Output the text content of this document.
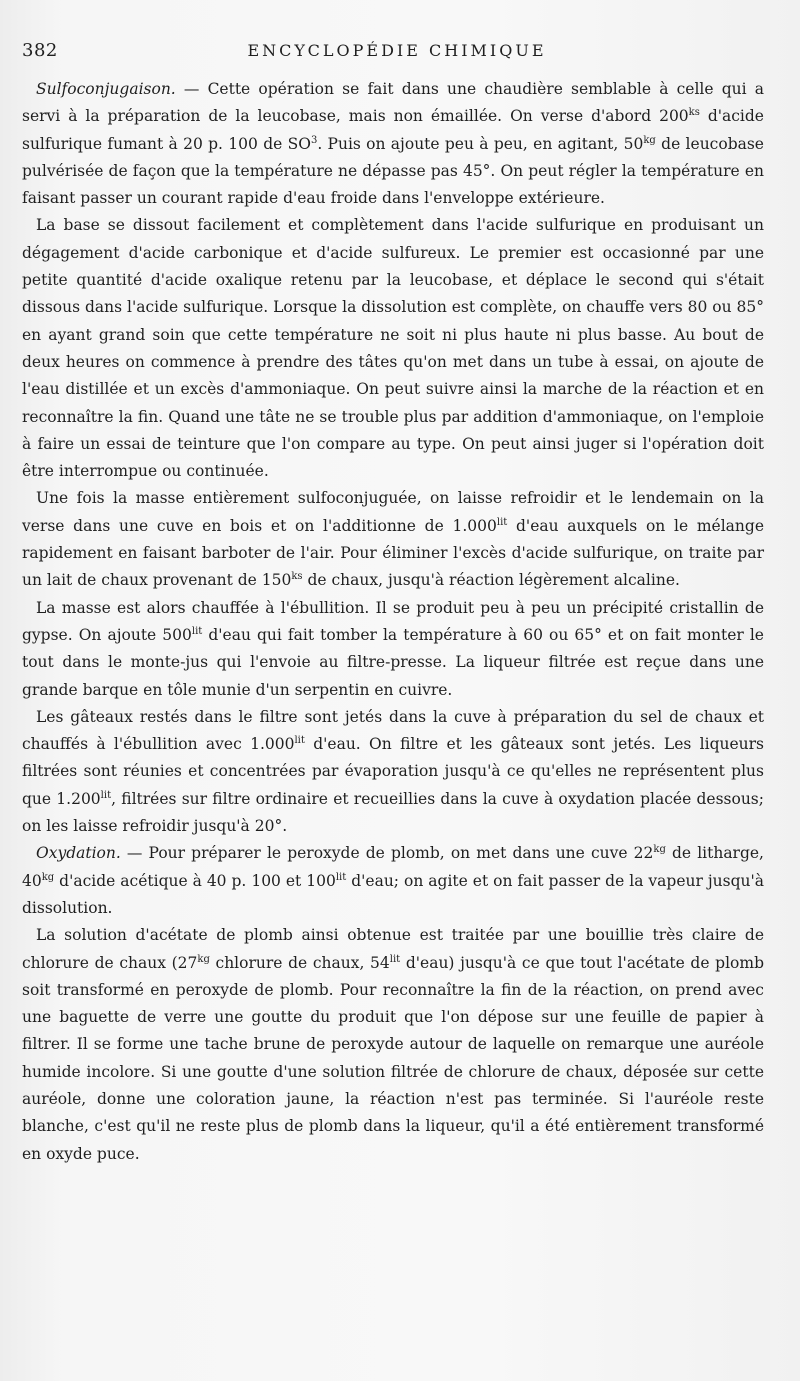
382	ENCYCLOPÉDIE CHIMIQUE

Sulfoconjugaison. — Cette opération se fait dans une chaudière semblable à celle qui a servi à la préparation de la leucobase, mais non émaillée. On verse d'abord $200^{ks}$ d'acide sulfurique fumant à 20 p. 100 de $SO^3$. Puis on ajoute peu à peu, en agitant, $50^{kg}$ de leucobase pulvérisée de façon que la température ne dépasse pas 45°. On peut régler la température en faisant passer un courant rapide d'eau froide dans l'enveloppe extérieure.

La base se dissout facilement et complètement dans l'acide sulfurique en produisant un dégagement d'acide carbonique et d'acide sulfureux. Le premier est occasionné par une petite quantité d'acide oxalique retenu par la leucobase, et déplace le second qui s'était dissous dans l'acide sulfurique. Lorsque la dissolution est complète, on chauffe vers 80 ou 85° en ayant grand soin que cette température ne soit ni plus haute ni plus basse. Au bout de deux heures on commence à prendre des tâtes qu'on met dans un tube à essai, on ajoute de l'eau distillée et un excès d'ammoniaque. On peut suivre ainsi la marche de la réaction et en reconnaître la fin. Quand une tâte ne se trouble plus par addition d'ammoniaque, on l'emploie à faire un essai de teinture que l'on compare au type. On peut ainsi juger si l'opération doit être interrompue ou continuée.

Une fois la masse entièrement sulfoconjuguée, on laisse refroidir et le lendemain on la verse dans une cuve en bois et on l'additionne de $1.000^{lit}$ d'eau auxquels on le mélange rapidement en faisant barboter de l'air. Pour éliminer l'excès d'acide sulfurique, on traite par un lait de chaux provenant de $150^{ks}$ de chaux, jusqu'à réaction légèrement alcaline.

La masse est alors chauffée à l'ébullition. Il se produit peu à peu un précipité cristallin de gypse. On ajoute $500^{lit}$ d'eau qui fait tomber la température à 60 ou 65° et on fait monter le tout dans le monte-jus qui l'envoie au filtre-presse. La liqueur filtrée est reçue dans une grande barque en tôle munie d'un serpentin en cuivre.

Les gâteaux restés dans le filtre sont jetés dans la cuve à préparation du sel de chaux et chauffés à l'ébullition avec $1.000^{lit}$ d'eau. On filtre et les gâteaux sont jetés. Les liqueurs filtrées sont réunies et concentrées par évaporation jusqu'à ce qu'elles ne représentent plus que $1.200^{lit}$, filtrées sur filtre ordinaire et recueillies dans la cuve à oxydation placée dessous; on les laisse refroidir jusqu'à 20°.

Oxydation. — Pour préparer le peroxyde de plomb, on met dans une cuve $22^{kg}$ de litharge, $40^{kg}$ d'acide acétique à 40 p. 100 et $100^{lit}$ d'eau; on agite et on fait passer de la vapeur jusqu'à dissolution.

La solution d'acétate de plomb ainsi obtenue est traitée par une bouillie très claire de chlorure de chaux ($27^{kg}$ chlorure de chaux, $54^{lit}$ d'eau) jusqu'à ce que tout l'acétate de plomb soit transformé en peroxyde de plomb. Pour reconnaître la fin de la réaction, on prend avec une baguette de verre une goutte du produit que l'on dépose sur une feuille de papier à filtrer. Il se forme une tache brune de peroxyde autour de laquelle on remarque une auréole humide incolore. Si une goutte d'une solution filtrée de chlorure de chaux, déposée sur cette auréole, donne une coloration jaune, la réaction n'est pas terminée. Si l'auréole reste blanche, c'est qu'il ne reste plus de plomb dans la liqueur, qu'il a été entièrement transformé en oxyde puce.
